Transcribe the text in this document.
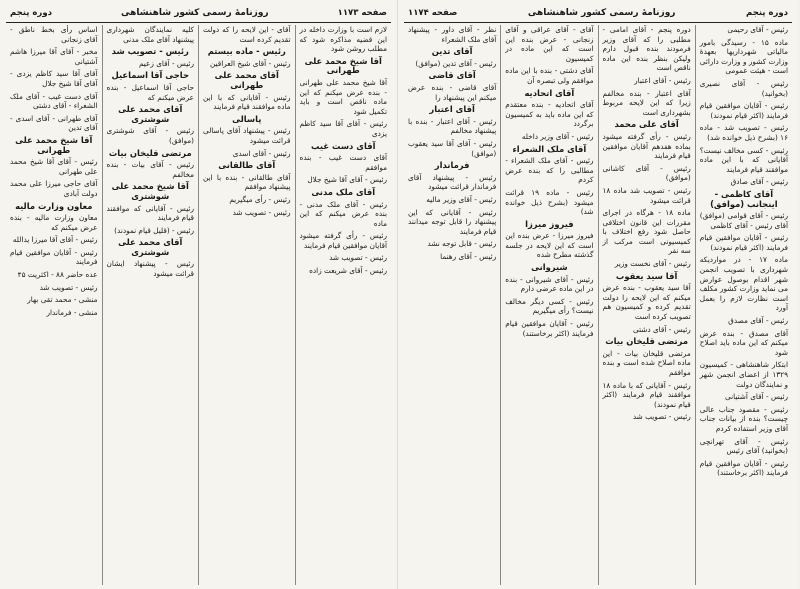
صفحه ۱۱۷۳
روزنامهٔ رسمی کشور شاهنشاهی
دوره پنجم
لازم است با وزارت داخله در این قضیه مذاکره شود که مطلب روشن شود
آقا شیخ محمد علی طهرانی
آقا شیخ محمد علی طهرانی - بنده عرض میکنم که این ماده ناقص است و باید تکمیل شود
رئیس - آقای آقا سید کاظم یزدی
آقای دست غیب
آقای دست غیب - بنده موافقم
رئیس - آقای آقا شیخ جلال
آقای ملک مدنی
رئیس - آقای ملک مدنی - بنده عرض میکنم که این ماده
رئیس - رأی گرفته میشود آقایان موافقین قیام فرمایند
رئیس - تصویب شد
رئیس - آقای شریعت زاده
آقای - این لایحه را که دولت تقدیم کرده است
رئیس - ماده بیستم
رئیس - آقای شیخ العراقین
آقای محمد علی طهرانی
رئیس - آقایانی که با این ماده موافقند قیام فرمایند
پاسالی
رئیس - پیشنهاد آقای پاسالی قرائت میشود
رئیس - آقای اسدی
آقای طالقانی
آقای طالقانی - بنده با این پیشنهاد موافقم
رئیس - رأی میگیریم
رئیس - تصویب شد
کلیه نمایندگان شهرداری پیشنهاد آقای ملک مدنی
رئیس - تصویب شد
رئیس - آقای زعیم
حاجی آقا اسماعیل
حاجی آقا اسماعیل - بنده عرض میکنم که
آقای محمد علی شوشتری
رئیس - آقای شوشتری (موافق)
مرتضی قلیخان بیات
رئیس - آقای بیات - بنده مخالفم
آقا شیخ محمد علی شوشتری
رئیس - آقایانی که موافقند قیام فرمایند
رئیس - (قلیل قیام نمودند)
آقای محمد علی شوشتری
رئیس - پیشنهاد ایشان قرائت میشود
اساس رأی بخط ناطق - آقای زنجانی
مخبر - آقای آقا میرزا هاشم آشتیانی
آقای آقا سید کاظم یزدی - آقای آقا شیخ جلال
آقای دست غیب - آقای ملک الشعراء - آقای دشتی
آقای طهرانی - آقای اسدی - آقای تدین
آقا شیخ محمد علی طهرانی
رئیس - آقای آقا شیخ محمد علی طهرانی
آقای حاجی میرزا علی محمد دولت آبادی
معاون وزارت مالیه
معاون وزارت مالیه - بنده عرض میکنم که
رئیس - آقای آقا میرزا یدالله
رئیس - آقایان موافقین قیام فرمایند
عده حاضر ۸۸ - اکثریت ۴۵
رئیس - تصویب شد
منشی - محمد تقی بهار
منشی - فرماندار
دوره پنجم
روزنامهٔ رسمی کشور شاهنشاهی
صفحه ۱۱۷۴
رئیس - آقای رحیمی
ماده ۱۵ - رسیدگی بامور مالیاتی شهرداریها بعهدهٔ وزارت کشور و وزارت دارائی است - هیئت عمومی
رئیس - آقای نصیری (بخوانید)
رئیس - آقایان موافقین قیام فرمایند (اکثر قیام نمودند)
رئیس - تصویب شد - ماده ۱۶ (بشرح ذیل خوانده شد)
رئیس - کسی مخالف نیست؟ آقایانی که با این ماده موافقند قیام فرمایند
رئیس - آقای صادق
آقای کاظمی - اینجانب (موافق)
رئیس - آقای قوامی (موافق) آقای رئیس - آقای کاظمی
رئیس - آقایان موافقین قیام فرمایند (اکثر قیام نمودند)
ماده ۱۷ - در مواردیکه شهرداری با تصویب انجمن شهر اقدام بوصول عوارض می نماید وزارت کشور مکلف است نظارت لازم را بعمل آورد
رئیس - آقای مصدق
آقای مصدق - بنده عرض میکنم که این ماده باید اصلاح شود
ابتکار شاهنشاهی - کمیسیون ۱۳۲۹ از اعضای انجمن شهر و نمایندگان دولت
رئیس - آقای آشتیانی
رئیس - مقصود جناب عالی چیست؟ بنده از بیانات جناب آقای وزیر استفاده کردم
رئیس - آقای تهرانچی (بخوانید) آقای رئیس
رئیس - آقایان موافقین قیام فرمایند (اکثر برخاستند)
دوره پنجم - آقای امامی - مطلبی را که آقای وزیر فرمودند بنده قبول دارم ولیکن بنظر بنده این ماده ناقص است
رئیس - آقای اعتبار
آقای اعتبار - بنده مخالفم زیرا که این لایحه مربوط بشهرداری است
آقای علی محمد
رئیس - رأی گرفته میشود بماده هفدهم آقایان موافقین قیام فرمایند
رئیس - آقای کاشانی (موافق)
رئیس - تصویب شد ماده ۱۸ قرائت میشود
ماده ۱۸ - هرگاه در اجرای مقررات این قانون اختلافی حاصل شود رفع اختلاف با کمیسیونی است مرکب از سه نفر
رئیس - آقای نخست وزیر
آقا سید یعقوب
آقا سید یعقوب - بنده عرض میکنم که این لایحه را دولت تقدیم کرده و کمیسیون هم تصویب کرده است
رئیس - آقای دشتی
مرتضی قلیخان بیات
مرتضی قلیخان بیات - این ماده اصلاح شده است و بنده موافقم
رئیس - آقایانی که با ماده ۱۸ موافقند قیام فرمایند (اکثر قیام نمودند)
رئیس - تصویب شد
آقای - آقای عراقی و آقای زنجانی - عرض بنده این است که این ماده در کمیسیون
آقای دشتی - بنده با این ماده موافقم ولی تبصره آن
آقای اتحادیه
آقای اتحادیه - بنده معتقدم که این ماده باید به کمیسیون برگردد
رئیس - آقای وزیر داخله
آقای ملک الشعراء
رئیس - آقای ملک الشعراء - مطالبی را که بنده عرض کردم
رئیس - ماده ۱۹ قرائت میشود (بشرح ذیل خوانده شد)
فیروز میرزا
فیروز میرزا - عرض بنده این است که این لایحه در جلسه گذشته مطرح شده
شیروانی
رئیس - آقای شیروانی - بنده در این ماده عرضی دارم
رئیس - کسی دیگر مخالف نیست؟ رأی میگیریم
رئیس - آقایان موافقین قیام فرمایند (اکثر برخاستند)
نظر - آقای داور - پیشنهاد آقای ملک الشعراء
آقای تدین
رئیس - آقای تدین (موافق)
آقای قاضی
آقای قاضی - بنده عرض میکنم این پیشنهاد را
آقای اعتبار
رئیس - آقای اعتبار - بنده با پیشنهاد مخالفم
رئیس - آقای آقا سید یعقوب (موافق)
فرماندار
رئیس - پیشنهاد آقای فرماندار قرائت میشود
رئیس - آقای وزیر مالیه
رئیس - آقایانی که این پیشنهاد را قابل توجه میدانند قیام فرمایند
رئیس - قابل توجه نشد
رئیس - آقای رهنما
